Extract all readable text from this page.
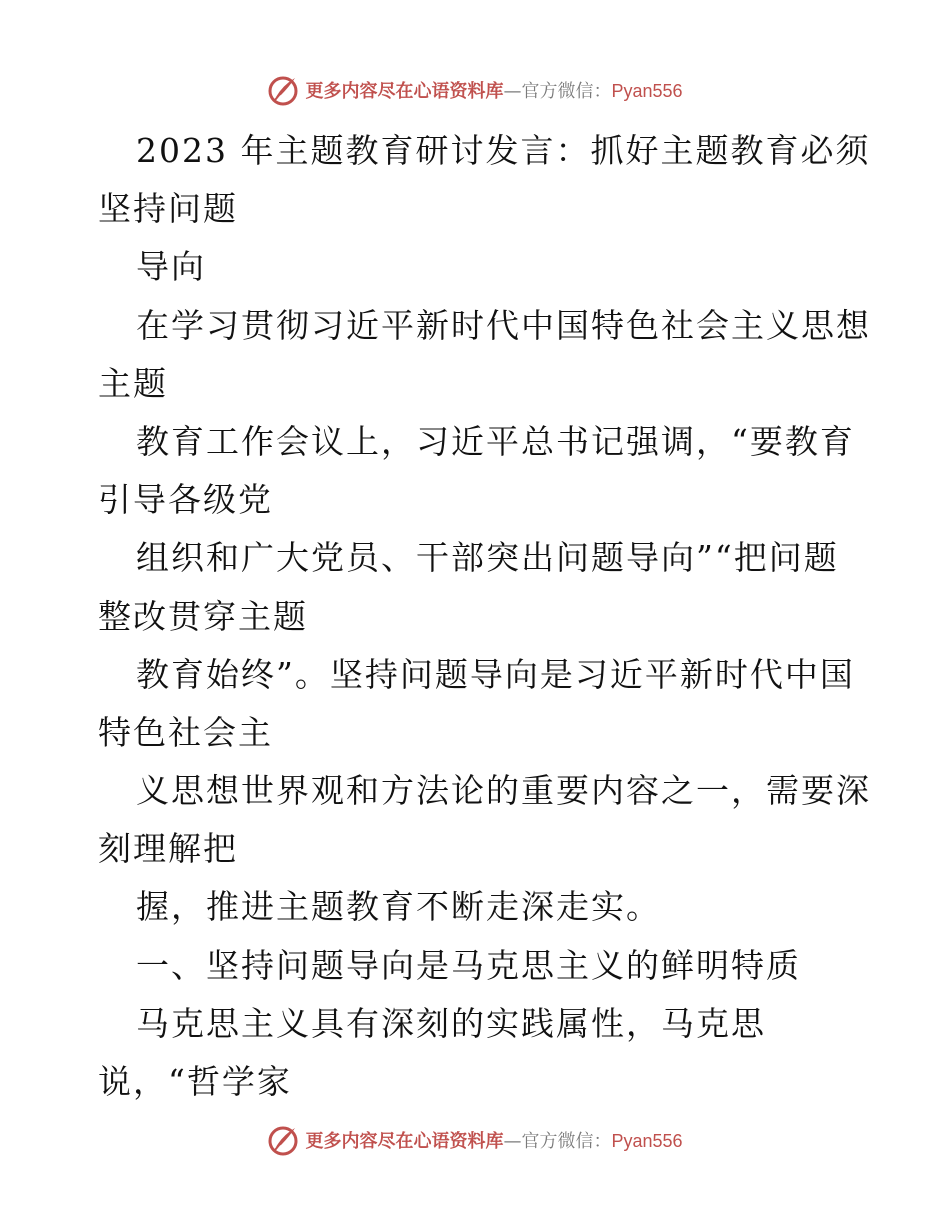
更多内容尽在心语资料库—官方微信：Pyan556
2023 年主题教育研讨发言：抓好主题教育必须
坚持问题
导向
在学习贯彻习近平新时代中国特色社会主义思想
主题
教育工作会议上，习近平总书记强调，“要教育
引导各级党
组织和广大党员、干部突出问题导向”“把问题
整改贯穿主题
教育始终”。坚持问题导向是习近平新时代中国
特色社会主
义思想世界观和方法论的重要内容之一，需要深
刻理解把
握，推进主题教育不断走深走实。
一、坚持问题导向是马克思主义的鲜明特质
马克思主义具有深刻的实践属性，马克思
说，“哲学家
更多内容尽在心语资料库—官方微信：Pyan556
